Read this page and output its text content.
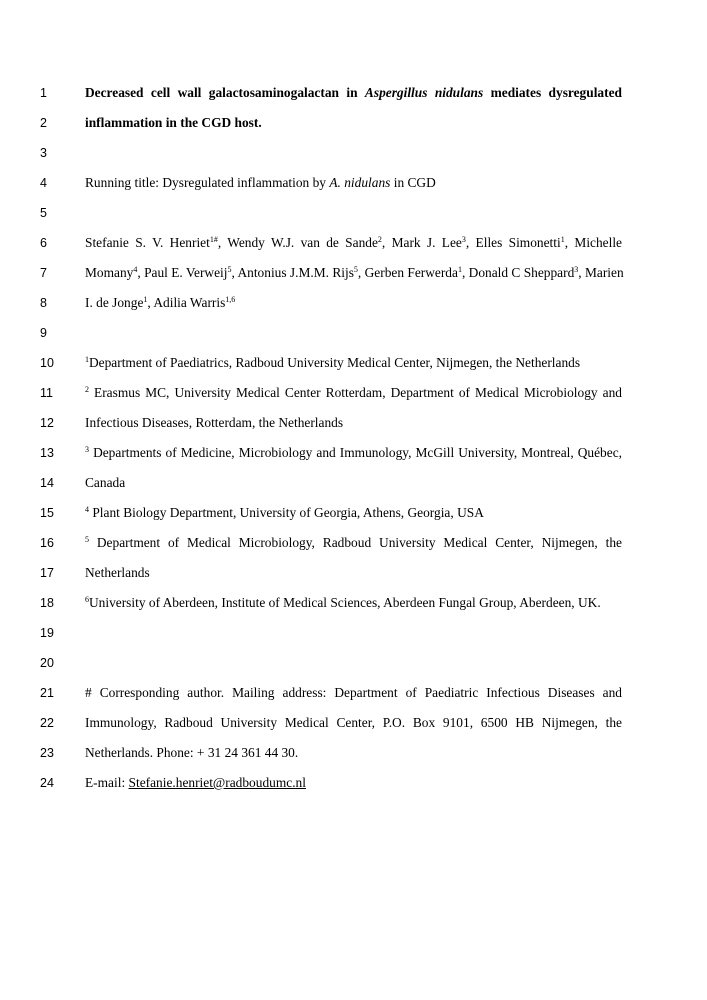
1	Decreased cell wall galactosaminogalactan in Aspergillus nidulans mediates dysregulated
2	inflammation in the CGD host.
3
4	Running title: Dysregulated inflammation by A. nidulans in CGD
5
6	Stefanie S. V. Henriet$^{1\#}$, Wendy W.J. van de Sande$^2$, Mark J. Lee$^3$, Elles Simonetti$^1$, Michelle
7	Momany$^4$, Paul E. Verweij$^5$, Antonius J.M.M. Rijs$^5$, Gerben Ferwerda$^1$, Donald C Sheppard$^3$, Marien
8	I. de Jonge$^1$, Adilia Warris$^{1,6}$
9
10	$^1$Department of Paediatrics, Radboud University Medical Center, Nijmegen, the Netherlands
11	$^2$ Erasmus MC, University Medical Center Rotterdam, Department of Medical Microbiology and
12	Infectious Diseases, Rotterdam, the Netherlands
13	$^3$ Departments of Medicine, Microbiology and Immunology, McGill University, Montreal, Québec,
14	Canada
15	$^4$ Plant Biology Department, University of Georgia, Athens, Georgia, USA
16	$^5$ Department of Medical Microbiology, Radboud University Medical Center, Nijmegen, the
17	Netherlands
18	$^6$University of Aberdeen, Institute of Medical Sciences, Aberdeen Fungal Group, Aberdeen, UK.
19
20
21	# Corresponding author. Mailing address: Department of Paediatric Infectious Diseases and
22	Immunology, Radboud University Medical Center, P.O. Box 9101, 6500 HB Nijmegen, the
23	Netherlands. Phone: + 31 24 361 44 30.
24	E-mail: Stefanie.henriet@radboudumc.nl
